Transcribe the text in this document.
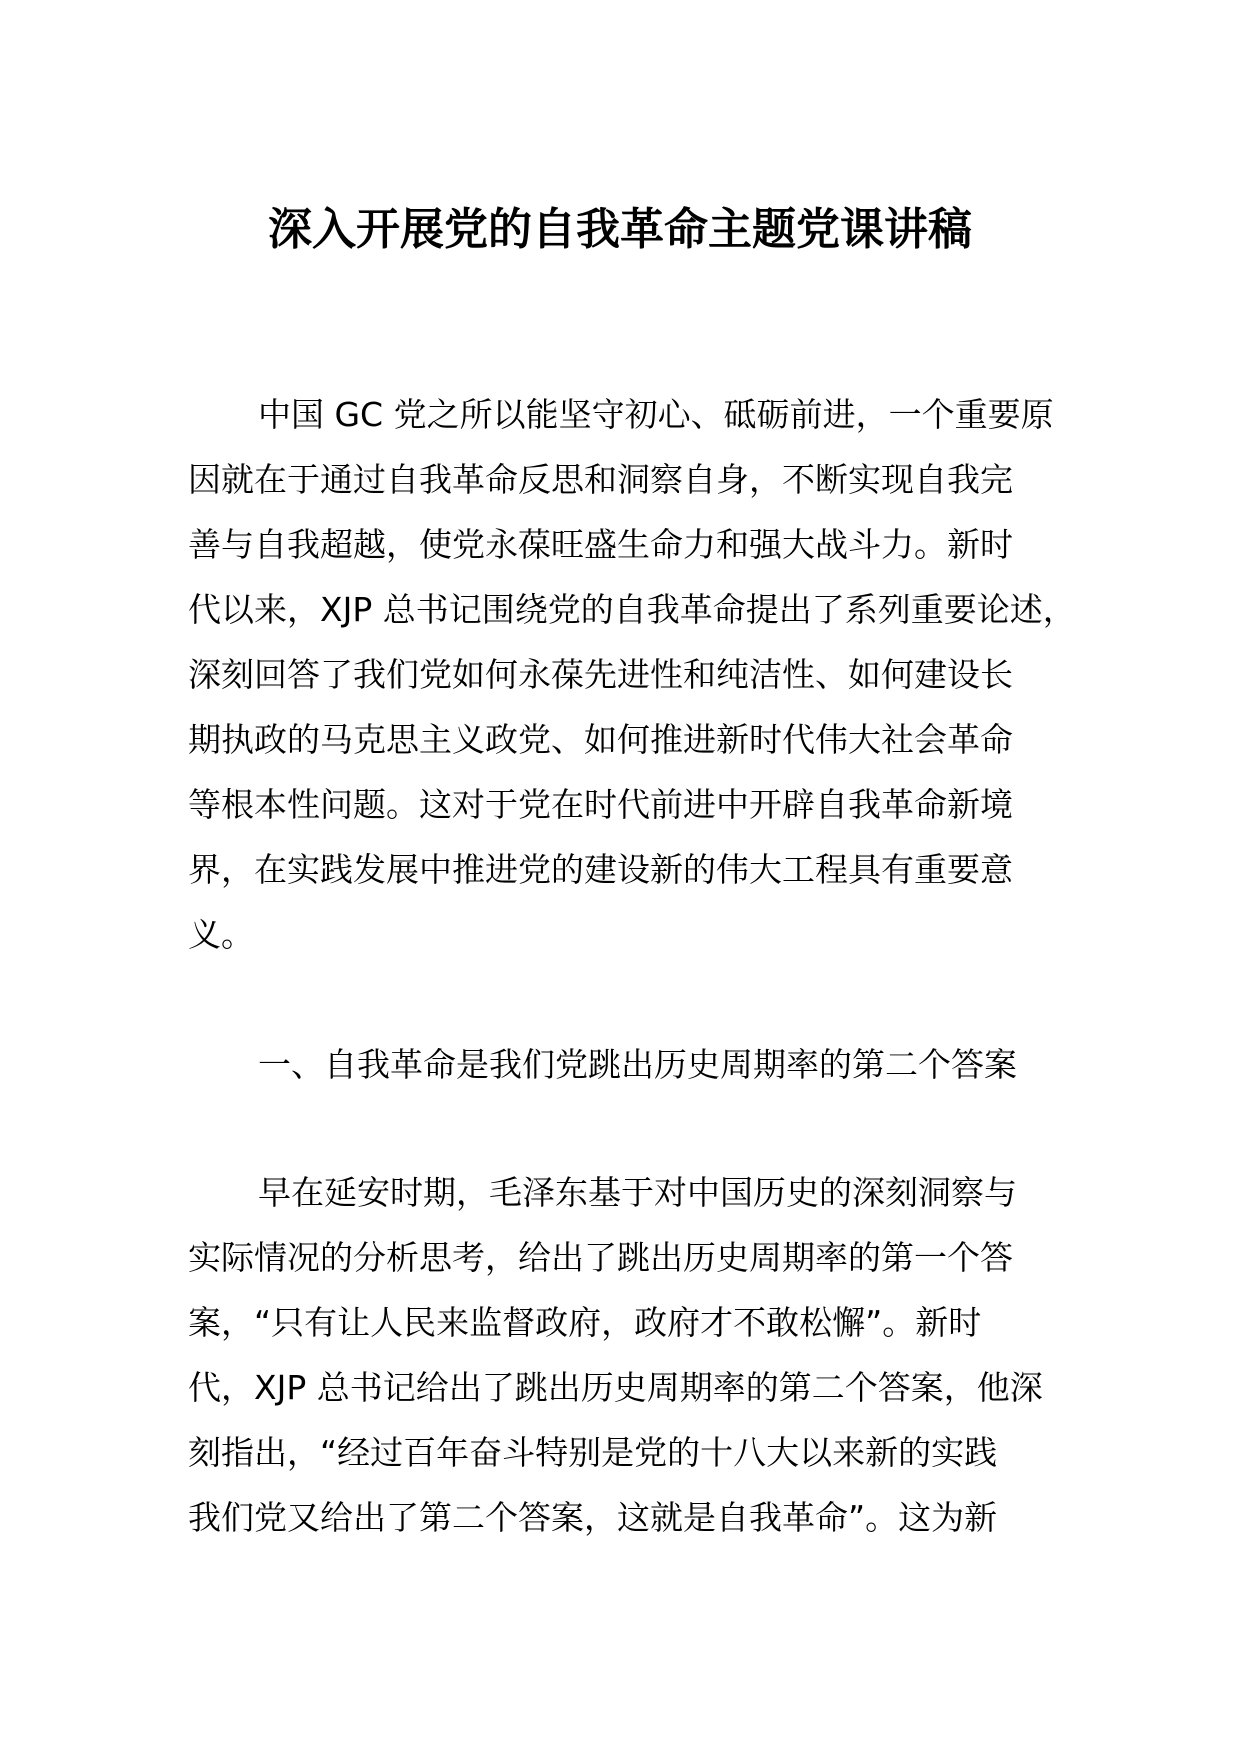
深入开展党的自我革命主题党课讲稿
中国 GC 党之所以能坚守初心、砥砺前进，一个重要原
因就在于通过自我革命反思和洞察自身，不断实现自我完
善与自我超越，使党永葆旺盛生命力和强大战斗力。新时
代以来，XJP 总书记围绕党的自我革命提出了系列重要论述，
深刻回答了我们党如何永葆先进性和纯洁性、如何建设长
期执政的马克思主义政党、如何推进新时代伟大社会革命
等根本性问题。这对于党在时代前进中开辟自我革命新境
界，在实践发展中推进党的建设新的伟大工程具有重要意
义。
一、自我革命是我们党跳出历史周期率的第二个答案
早在延安时期，毛泽东基于对中国历史的深刻洞察与
实际情况的分析思考，给出了跳出历史周期率的第一个答
案，“只有让人民来监督政府，政府才不敢松懈”。新时
代，XJP 总书记给出了跳出历史周期率的第二个答案，他深
刻指出，“经过百年奋斗特别是党的十八大以来新的实践
我们党又给出了第二个答案，这就是自我革命”。这为新
